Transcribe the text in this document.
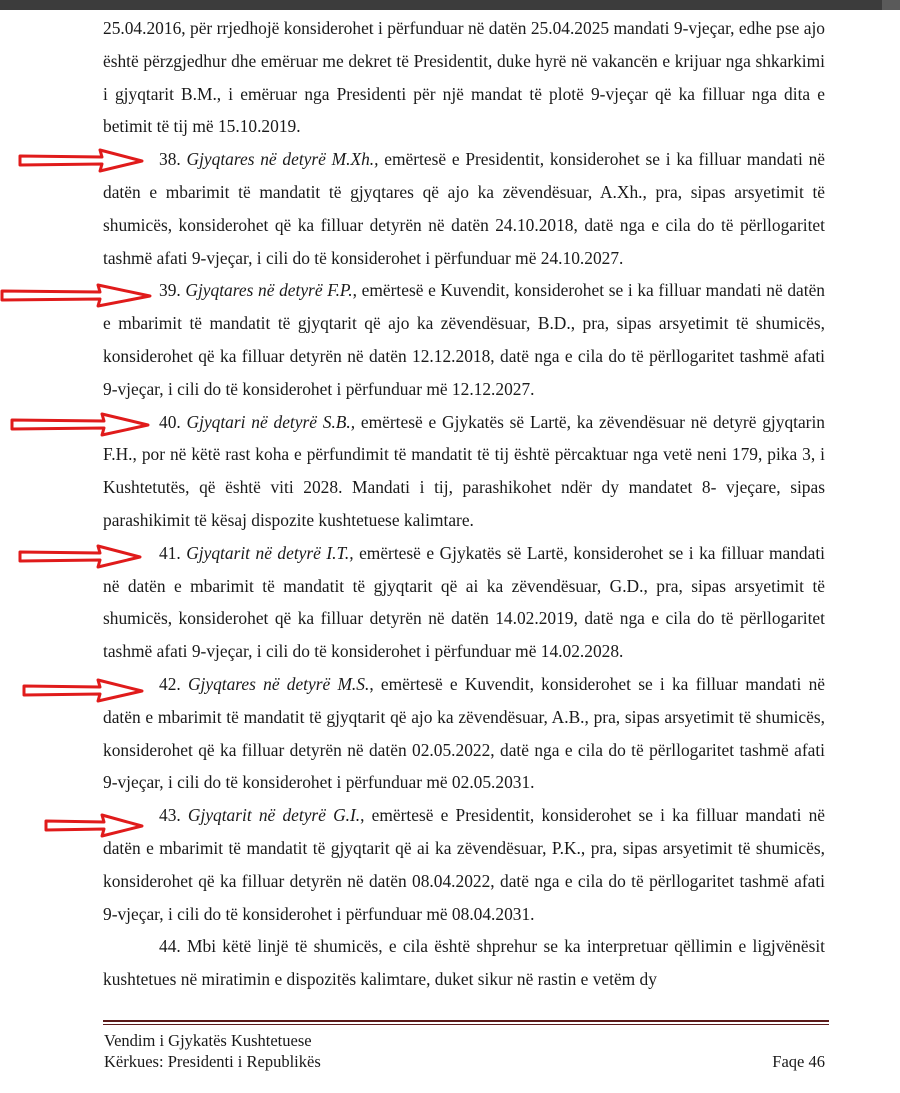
25.04.2016, për rrjedhojë konsiderohet i përfunduar në datën 25.04.2025 mandati 9-vjeçar, edhe pse ajo është përzgjedhur dhe emëruar me dekret të Presidentit, duke hyrë në vakancën e krijuar nga shkarkimi i gjyqtarit B.M., i emëruar nga Presidenti për një mandat të plotë 9-vjeçar që ka filluar nga dita e betimit të tij më 15.10.2019.

38. Gjyqtares në detyrë M.Xh., emërtesë e Presidentit, konsiderohet se i ka filluar mandati në datën e mbarimit të mandatit të gjyqtares që ajo ka zëvendësuar, A.Xh., pra, sipas arsyetimit të shumicës, konsiderohet që ka filluar detyrën në datën 24.10.2018, datë nga e cila do të përllogaritet tashmë afati 9-vjeçar, i cili do të konsiderohet i përfunduar më 24.10.2027.

39. Gjyqtares në detyrë F.P., emërtesë e Kuvendit, konsiderohet se i ka filluar mandati në datën e mbarimit të mandatit të gjyqtarit që ajo ka zëvendësuar, B.D., pra, sipas arsyetimit të shumicës, konsiderohet që ka filluar detyrën në datën 12.12.2018, datë nga e cila do të përllogaritet tashmë afati 9-vjeçar, i cili do të konsiderohet i përfunduar më 12.12.2027.

40. Gjyqtari në detyrë S.B., emërtesë e Gjykatës së Lartë, ka zëvendësuar në detyrë gjyqtarin F.H., por në këtë rast koha e përfundimit të mandatit të tij është përcaktuar nga vetë neni 179, pika 3, i Kushtetutës, që është viti 2028. Mandati i tij, parashikohet ndër dy mandatet 8- vjeçare, sipas parashikimit të kësaj dispozite kushtetuese kalimtare.

41. Gjyqtarit në detyrë I.T., emërtesë e Gjykatës së Lartë, konsiderohet se i ka filluar mandati në datën e mbarimit të mandatit të gjyqtarit që ai ka zëvendësuar, G.D., pra, sipas arsyetimit të shumicës, konsiderohet që ka filluar detyrën në datën 14.02.2019, datë nga e cila do të përllogaritet tashmë afati 9-vjeçar, i cili do të konsiderohet i përfunduar më 14.02.2028.

42. Gjyqtares në detyrë M.S., emërtesë e Kuvendit, konsiderohet se i ka filluar mandati në datën e mbarimit të mandatit të gjyqtarit që ajo ka zëvendësuar, A.B., pra, sipas arsyetimit të shumicës, konsiderohet që ka filluar detyrën në datën 02.05.2022, datë nga e cila do të përllogaritet tashmë afati 9-vjeçar, i cili do të konsiderohet i përfunduar më 02.05.2031.

43. Gjyqtarit në detyrë G.I., emërtesë e Presidentit, konsiderohet se i ka filluar mandati në datën e mbarimit të mandatit të gjyqtarit që ai ka zëvendësuar, P.K., pra, sipas arsyetimit të shumicës, konsiderohet që ka filluar detyrën në datën 08.04.2022, datë nga e cila do të përllogaritet tashmë afati 9-vjeçar, i cili do të konsiderohet i përfunduar më 08.04.2031.

44. Mbi këtë linjë të shumicës, e cila është shprehur se ka interpretuar qëllimin e ligjvënësit kushtetues në miratimin e dispozitës kalimtare, duket sikur në rastin e vetëm dy

Vendim i Gjykatës Kushtetuese
Kërkues: Presidenti i Republikës	Faqe 46
